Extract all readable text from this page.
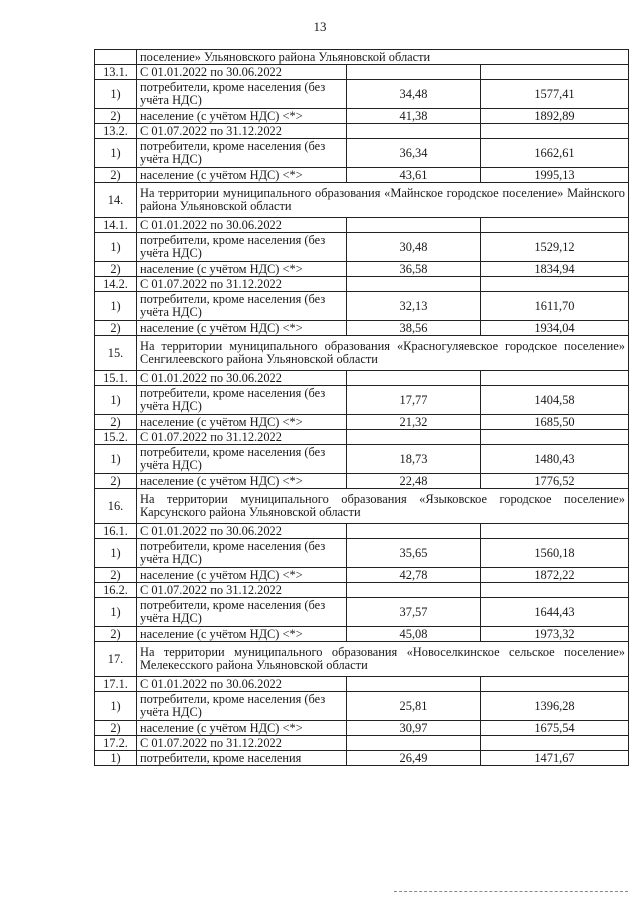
13
	поселение» Ульяновского района Ульяновской области		
13.1.	С 01.01.2022 по 30.06.2022		
1)	потребители, кроме населения (без учёта НДС)	34,48	1577,41
2)	население (с учётом НДС) <*>	41,38	1892,89
13.2.	С 01.07.2022 по 31.12.2022		
1)	потребители, кроме населения (без учёта НДС)	36,34	1662,61
2)	население (с учётом НДС) <*>	43,61	1995,13
14.	На территории муниципального образования «Майнское городское поселение» Майнского района Ульяновской области		
14.1.	С 01.01.2022 по 30.06.2022		
1)	потребители, кроме населения (без учёта НДС)	30,48	1529,12
2)	население (с учётом НДС) <*>	36,58	1834,94
14.2.	С 01.07.2022 по 31.12.2022		
1)	потребители, кроме населения (без учёта НДС)	32,13	1611,70
2)	население (с учётом НДС) <*>	38,56	1934,04
15.	На территории муниципального образования «Красногуляевское городское поселение» Сенгилеевского района Ульяновской области		
15.1.	С 01.01.2022 по 30.06.2022		
1)	потребители, кроме населения (без учёта НДС)	17,77	1404,58
2)	население (с учётом НДС) <*>	21,32	1685,50
15.2.	С 01.07.2022 по 31.12.2022		
1)	потребители, кроме населения (без учёта НДС)	18,73	1480,43
2)	население (с учётом НДС) <*>	22,48	1776,52
16.	На территории муниципального образования «Языковское городское поселение» Карсунского района Ульяновской области		
16.1.	С 01.01.2022 по 30.06.2022		
1)	потребители, кроме населения (без учёта НДС)	35,65	1560,18
2)	население (с учётом НДС) <*>	42,78	1872,22
16.2.	С 01.07.2022 по 31.12.2022		
1)	потребители, кроме населения (без учёта НДС)	37,57	1644,43
2)	население (с учётом НДС) <*>	45,08	1973,32
17.	На территории муниципального образования «Новоселкинское сельское поселение» Мелекесского района Ульяновской области		
17.1.	С 01.01.2022 по 30.06.2022		
1)	потребители, кроме населения (без учёта НДС)	25,81	1396,28
2)	население (с учётом НДС) <*>	30,97	1675,54
17.2.	С 01.07.2022 по 31.12.2022		
1)	потребители, кроме населения	26,49	1471,67
